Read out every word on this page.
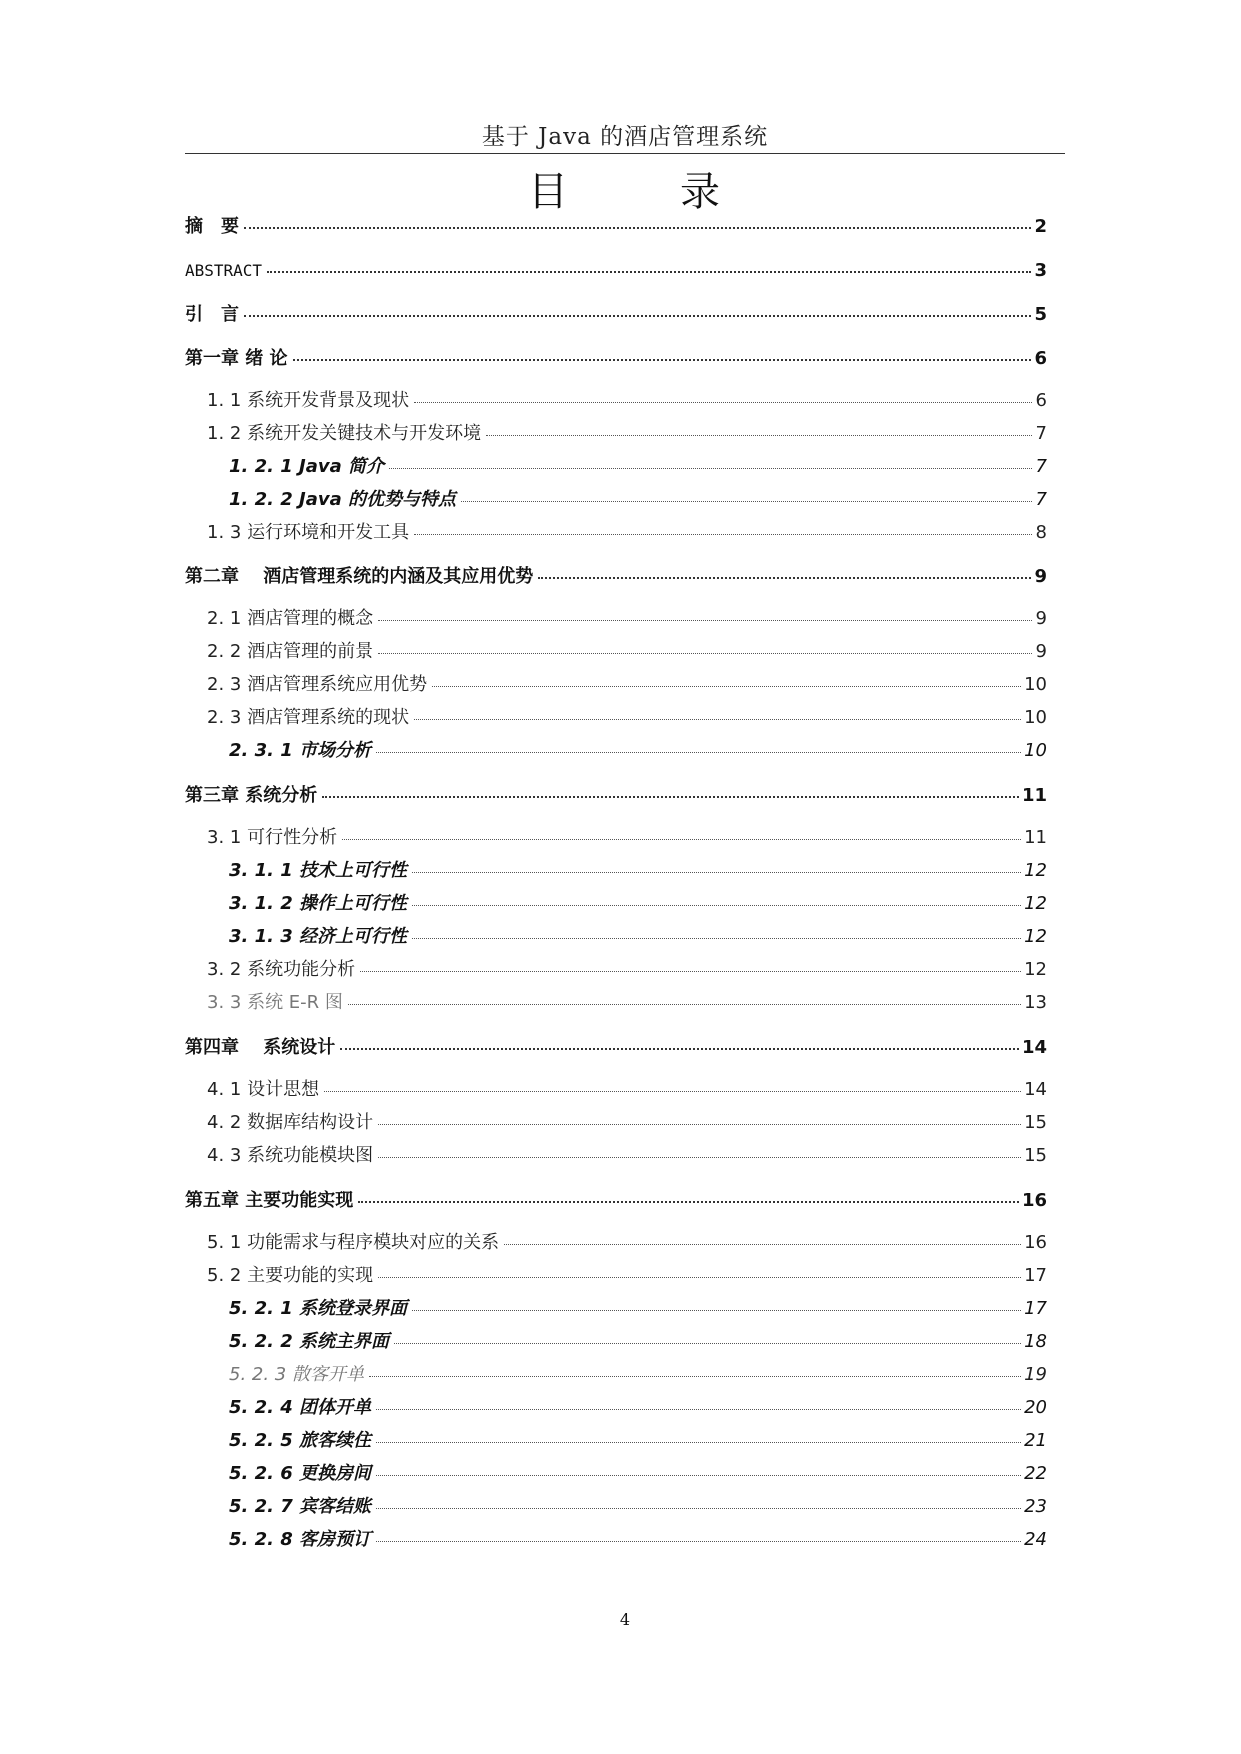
基于 Java 的酒店管理系统
目	录
摘　要	2
ABSTRACT	3
引　言	5
第一章 绪 论	6
1. 1 系统开发背景及现状	6
1. 2 系统开发关键技术与开发环境	7
1. 2. 1 Java 简介	7
1. 2. 2 Java 的优势与特点	7
1. 3 运行环境和开发工具	8
第二章　 酒店管理系统的内涵及其应用优势	9
2. 1 酒店管理的概念	9
2. 2 酒店管理的前景	9
2. 3 酒店管理系统应用优势	10
2. 3 酒店管理系统的现状	10
2. 3. 1 市场分析	10
第三章 系统分析	11
3. 1 可行性分析	11
3. 1. 1 技术上可行性	12
3. 1. 2 操作上可行性	12
3. 1. 3 经济上可行性	12
3. 2 系统功能分析	12
3. 3 系统 E-R 图	13
第四章　 系统设计	14
4. 1 设计思想	14
4. 2 数据库结构设计	15
4. 3 系统功能模块图	15
第五章 主要功能实现	16
5. 1 功能需求与程序模块对应的关系	16
5. 2 主要功能的实现	17
5. 2. 1 系统登录界面	17
5. 2. 2 系统主界面	18
5. 2. 3 散客开单	19
5. 2. 4 团体开单	20
5. 2. 5 旅客续住	21
5. 2. 6 更换房间	22
5. 2. 7 宾客结账	23
5. 2. 8 客房预订	24
4
